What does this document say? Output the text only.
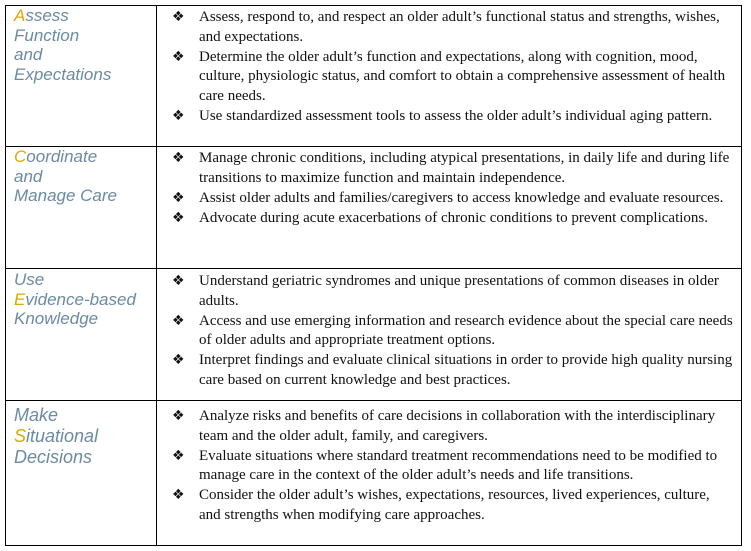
Assess
Function
and
Expectations
❖ Assess, respond to, and respect an older adult’s functional status and strengths, wishes, and expectations.
❖ Determine the older adult’s function and expectations, along with cognition, mood, culture, physiologic status, and comfort to obtain a comprehensive assessment of health care needs.
❖ Use standardized assessment tools to assess the older adult’s individual aging pattern.
Coordinate
and
Manage Care
❖ Manage chronic conditions, including atypical presentations, in daily life and during life transitions to maximize function and maintain independence.
❖ Assist older adults and families/caregivers to access knowledge and evaluate resources.
❖ Advocate during acute exacerbations of chronic conditions to prevent complications.
Use
Evidence-based
Knowledge
❖ Understand geriatric syndromes and unique presentations of common diseases in older adults.
❖ Access and use emerging information and research evidence about the special care needs of older adults and appropriate treatment options.
❖ Interpret findings and evaluate clinical situations in order to provide high quality nursing care based on current knowledge and best practices.
Make
Situational
Decisions
❖ Analyze risks and benefits of care decisions in collaboration with the interdisciplinary team and the older adult, family, and caregivers.
❖ Evaluate situations where standard treatment recommendations need to be modified to manage care in the context of the older adult’s needs and life transitions.
❖ Consider the older adult’s wishes, expectations, resources, lived experiences, culture, and strengths when modifying care approaches.
